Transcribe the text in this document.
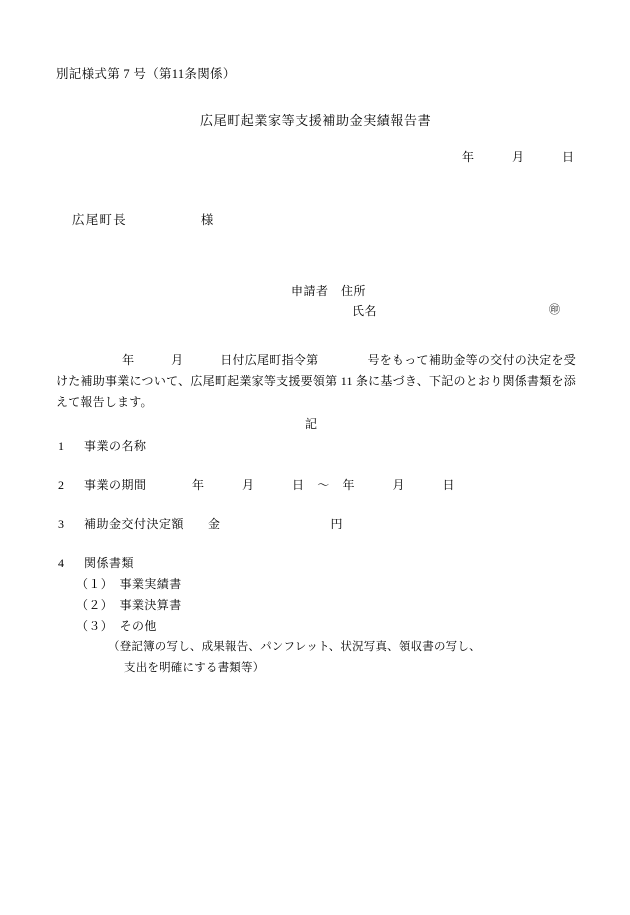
別記様式第 7 号（第11条関係）
広尾町起業家等支援補助金実績報告書
年　　　月　　　日
広尾町長	様
申請者　住所
氏名	㊞
年　　　月　　　日付広尾町指令第　　　　号をもって補助金等の交付の決定を受けた補助事業について、広尾町起業家等支援要領第 11 条に基づき、下記のとおり関係書類を添えて報告します。
記
1 事業の名称
2 事業の期間	年　　　月　　　日 〜 年　　　月　　　日
3 補助金交付決定額 金	円
4 関係書類
（１）　事業実績書
（２）　事業決算書
（３）　その他
（登記簿の写し、成果報告、パンフレット、状況写真、領収書の写し、
支出を明確にする書類等）
